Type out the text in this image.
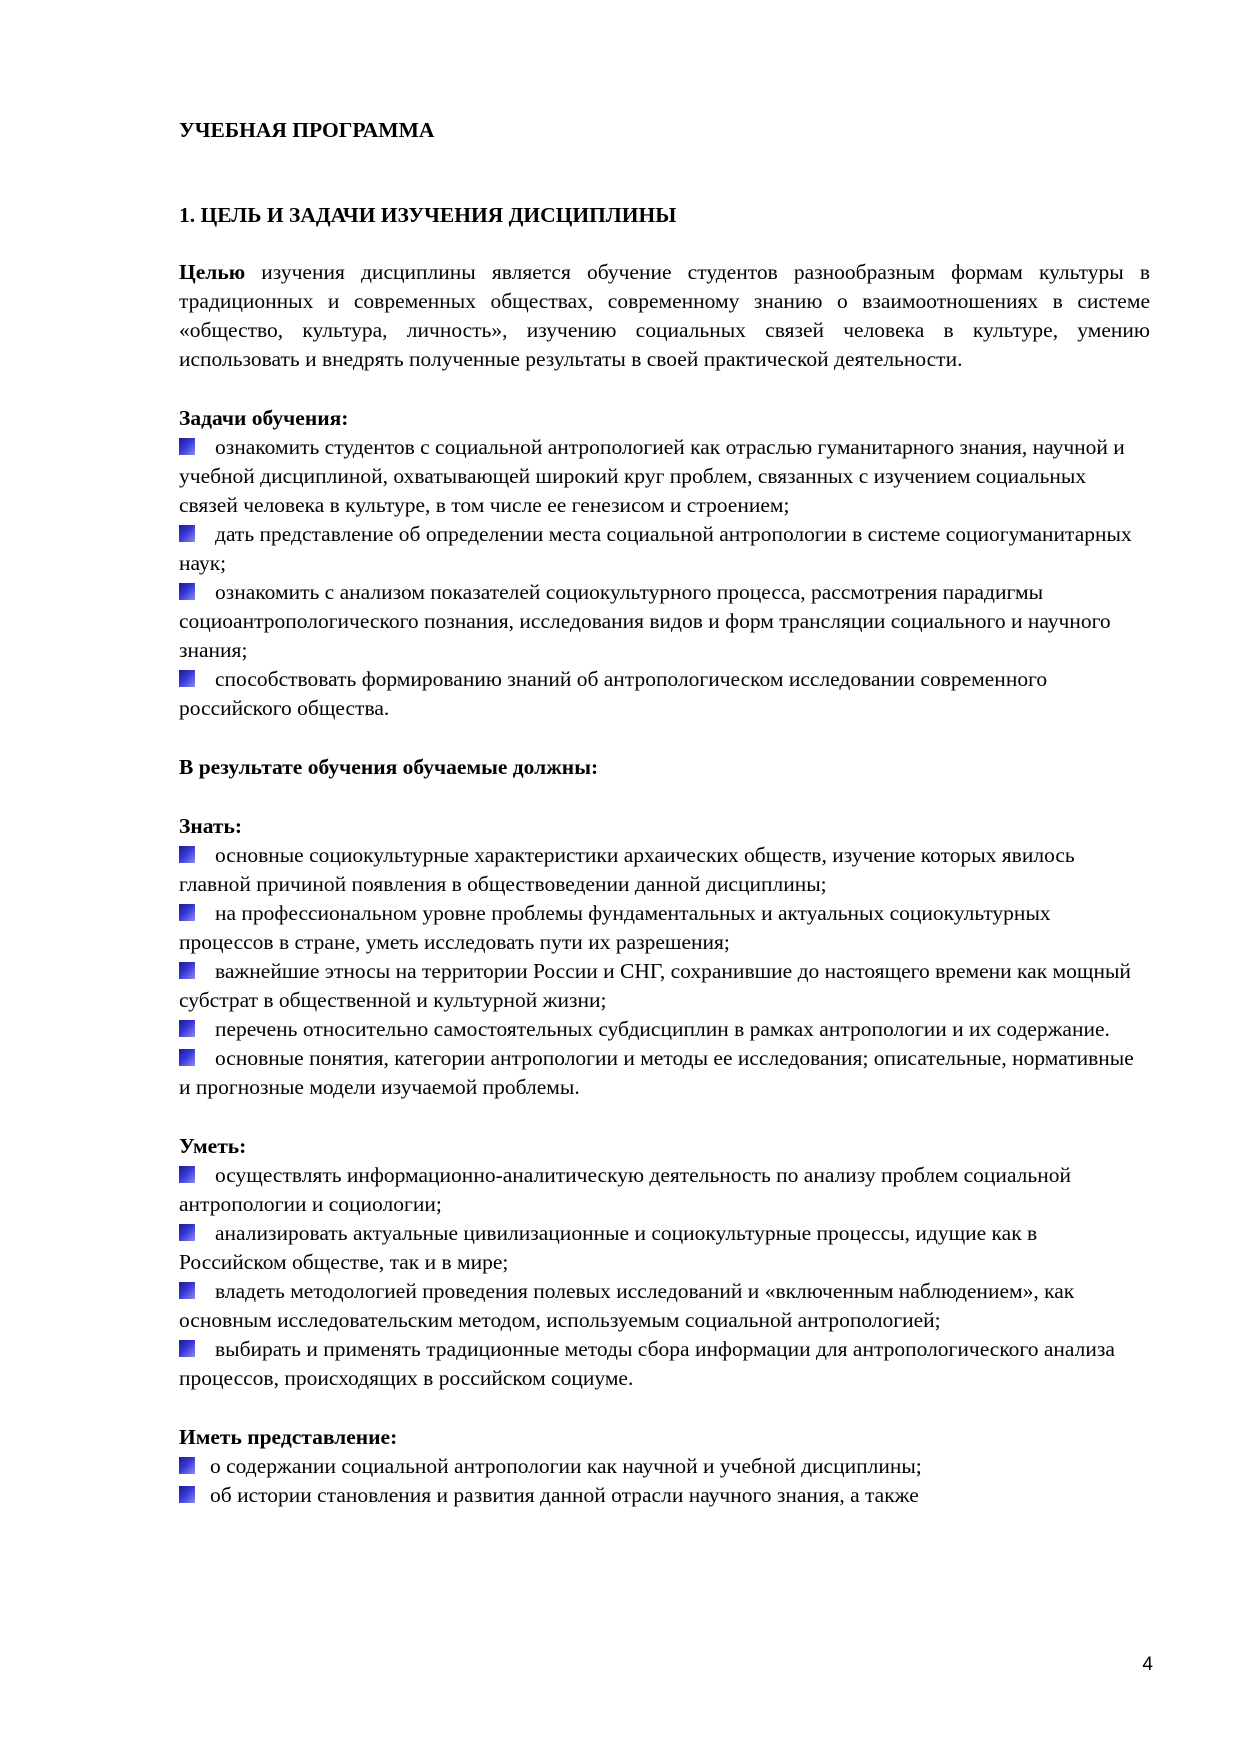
УЧЕБНАЯ ПРОГРАММА

1. ЦЕЛЬ И ЗАДАЧИ ИЗУЧЕНИЯ ДИСЦИПЛИНЫ

Целью изучения дисциплины является обучение студентов разнообразным формам культуры в традиционных и современных обществах, современному знанию о взаимоотношениях в системе «общество, культура, личность», изучению социальных связей человека в культуре, умению использовать и внедрять полученные результаты в своей практической деятельности.

Задачи обучения:

ознакомить студентов с социальной антропологией как отраслью гуманитарного знания, научной и учебной дисциплиной, охватывающей широкий круг проблем, связанных с изучением социальных связей человека в культуре, в том числе ее генезисом и строением;
дать представление об определении места социальной антропологии в системе социогуманитарных наук;
ознакомить с анализом показателей социокультурного процесса, рассмотрения парадигмы социоантропологического познания, исследования видов и форм трансляции социального и научного знания;
способствовать формированию знаний об антропологическом исследовании современного российского общества.

В результате обучения обучаемые должны:

Знать:

основные социокультурные характеристики архаических обществ, изучение которых явилось главной причиной появления в обществоведении данной дисциплины;
на профессиональном уровне проблемы фундаментальных и актуальных социокультурных процессов в стране, уметь исследовать пути их разрешения;
важнейшие этносы на территории России и СНГ, сохранившие до настоящего времени как мощный субстрат в общественной и культурной жизни;
перечень относительно самостоятельных субдисциплин в рамках антропологии и их содержание.
основные понятия, категории антропологии и методы ее исследования; описательные, нормативные и прогнозные модели изучаемой проблемы.

Уметь:

осуществлять информационно-аналитическую деятельность по анализу проблем социальной антропологии и социологии;
анализировать актуальные цивилизационные и социокультурные процессы, идущие как в Российском обществе, так и в мире;
владеть методологией проведения полевых исследований и «включенным наблюдением», как основным исследовательским методом, используемым социальной антропологией;
выбирать и применять традиционные методы сбора информации для антропологического анализа процессов, происходящих в российском социуме.

Иметь представление:

о содержании социальной антропологии как научной и учебной дисциплины;
об истории становления и развития данной отрасли научного знания, а также
4
